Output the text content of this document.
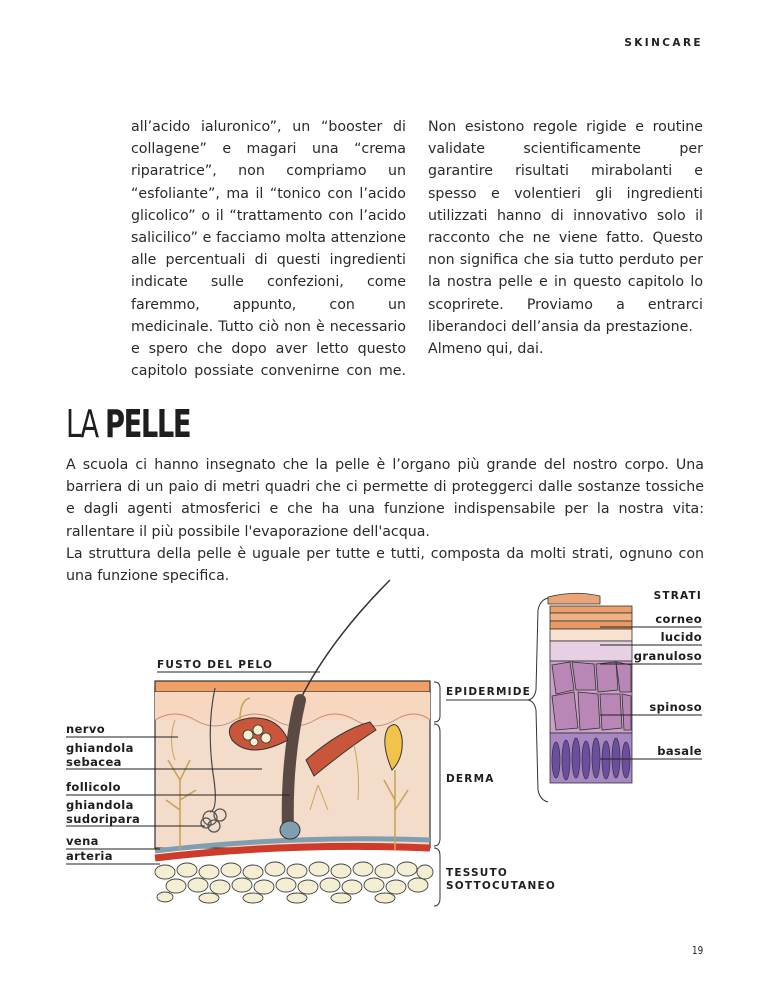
SKINCARE

all’acido ialuronico”, un “booster di collagene” e magari una “crema riparatrice”, non compriamo un “esfoliante”, ma il “tonico con l’acido glicolico” o il “trattamento con l’acido salicilico” e facciamo molta attenzione alle percentuali di questi ingredienti indicate sulle confezioni, come faremmo, appunto, con un medicinale. Tutto ciò non è necessario e spero che dopo aver letto questo capitolo possiate convenirne con me.

Non esistono regole rigide e routine validate scientificamente per garantire risultati mirabolanti e spesso e volentieri gli ingredienti utilizzati hanno di innovativo solo il racconto che ne viene fatto. Questo non significa che sia tutto perduto per la nostra pelle e in questo capitolo lo scoprirete. Proviamo a entrarci liberandoci dell’ansia da prestazione.

Almeno qui, dai.

LA PELLE

A scuola ci hanno insegnato che la pelle è l’organo più grande del nostro corpo. Una barriera di un paio di metri quadri che ci permette di proteggerci dalle sostanze tossiche e dagli agenti atmosferici e che ha una funzione indispensabile per la nostra vita: rallentare il più possibile l'evaporazione dell'acqua.

La struttura della pelle è uguale per tutte e tutti, composta da molti strati, ognuno con una funzione specifica.

FUSTO DEL PELO
nervo
ghiandola
sebacea
follicolo
ghiandola
sudoripara
vena
arteria
EPIDERMIDE
DERMA
TESSUTO
SOTTOCUTANEO
STRATI
corneo
lucido
granuloso
spinoso
basale
19
